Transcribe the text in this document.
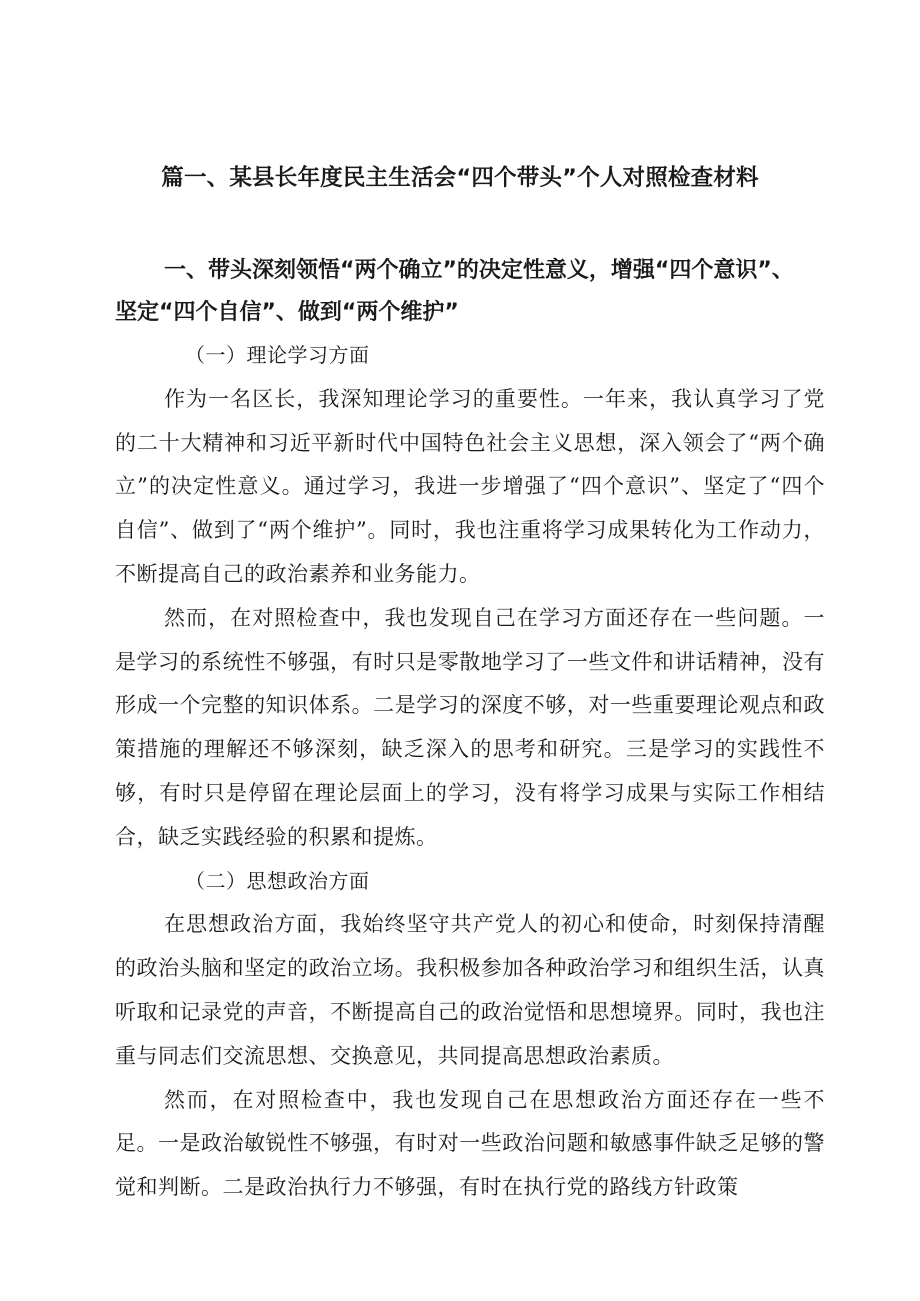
篇一、某县长年度民主生活会“四个带头”个人对照检查材料
一、带头深刻领悟“两个确立”的决定性意义，增强“四个意识”、坚定“四个自信”、做到“两个维护”

（一）理论学习方面

作为一名区长，我深知理论学习的重要性。一年来，我认真学习了党的二十大精神和习近平新时代中国特色社会主义思想，深入领会了“两个确立”的决定性意义。通过学习，我进一步增强了“四个意识”、坚定了“四个自信”、做到了“两个维护”。同时，我也注重将学习成果转化为工作动力，不断提高自己的政治素养和业务能力。

然而，在对照检查中，我也发现自己在学习方面还存在一些问题。一是学习的系统性不够强，有时只是零散地学习了一些文件和讲话精神，没有形成一个完整的知识体系。二是学习的深度不够，对一些重要理论观点和政策措施的理解还不够深刻，缺乏深入的思考和研究。三是学习的实践性不够，有时只是停留在理论层面上的学习，没有将学习成果与实际工作相结合，缺乏实践经验的积累和提炼。

（二）思想政治方面

在思想政治方面，我始终坚守共产党人的初心和使命，时刻保持清醒的政治头脑和坚定的政治立场。我积极参加各种政治学习和组织生活，认真听取和记录党的声音，不断提高自己的政治觉悟和思想境界。同时，我也注重与同志们交流思想、交换意见，共同提高思想政治素质。

然而，在对照检查中，我也发现自己在思想政治方面还存在一些不足。一是政治敏锐性不够强，有时对一些政治问题和敏感事件缺乏足够的警觉和判断。二是政治执行力不够强，有时在执行党的路线方针政策
